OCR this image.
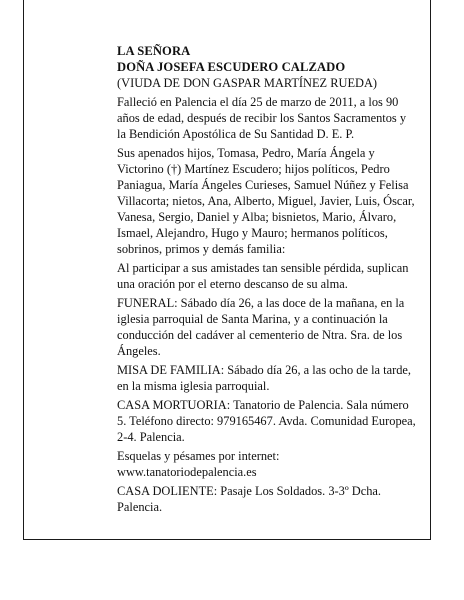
LA SEÑORA

DOÑA JOSEFA ESCUDERO CALZADO

(VIUDA DE DON GASPAR MARTÍNEZ RUEDA)

Falleció en Palencia el día 25 de marzo de 2011, a los 90 años de edad, después de recibir los Santos Sacramentos y la Bendición Apostólica de Su Santidad D. E. P.

Sus apenados hijos, Tomasa, Pedro, María Ángela y Victorino (†) Martínez Escudero; hijos políticos, Pedro Paniagua, María Ángeles Curieses, Samuel Núñez y Felisa Villacorta; nietos, Ana, Alberto, Miguel, Javier, Luis, Óscar, Vanesa, Sergio, Daniel y Alba; bisnietos, Mario, Álvaro, Ismael, Alejandro, Hugo y Mauro; hermanos políticos, sobrinos, primos y demás familia:

Al participar a sus amistades tan sensible pérdida, suplican una oración por el eterno descanso de su alma.

FUNERAL: Sábado día 26, a las doce de la mañana, en la iglesia parroquial de Santa Marina, y a continuación la conducción del cadáver al cementerio de Ntra. Sra. de los Ángeles.

MISA DE FAMILIA: Sábado día 26, a las ocho de la tarde, en la misma iglesia parroquial.

CASA MORTUORIA: Tanatorio de Palencia. Sala número 5. Teléfono directo: 979165467. Avda. Comunidad Europea, 2-4. Palencia.

Esquelas y pésames por internet: www.tanatoriodepalencia.es

CASA DOLIENTE: Pasaje Los Soldados. 3-3º Dcha. Palencia.
